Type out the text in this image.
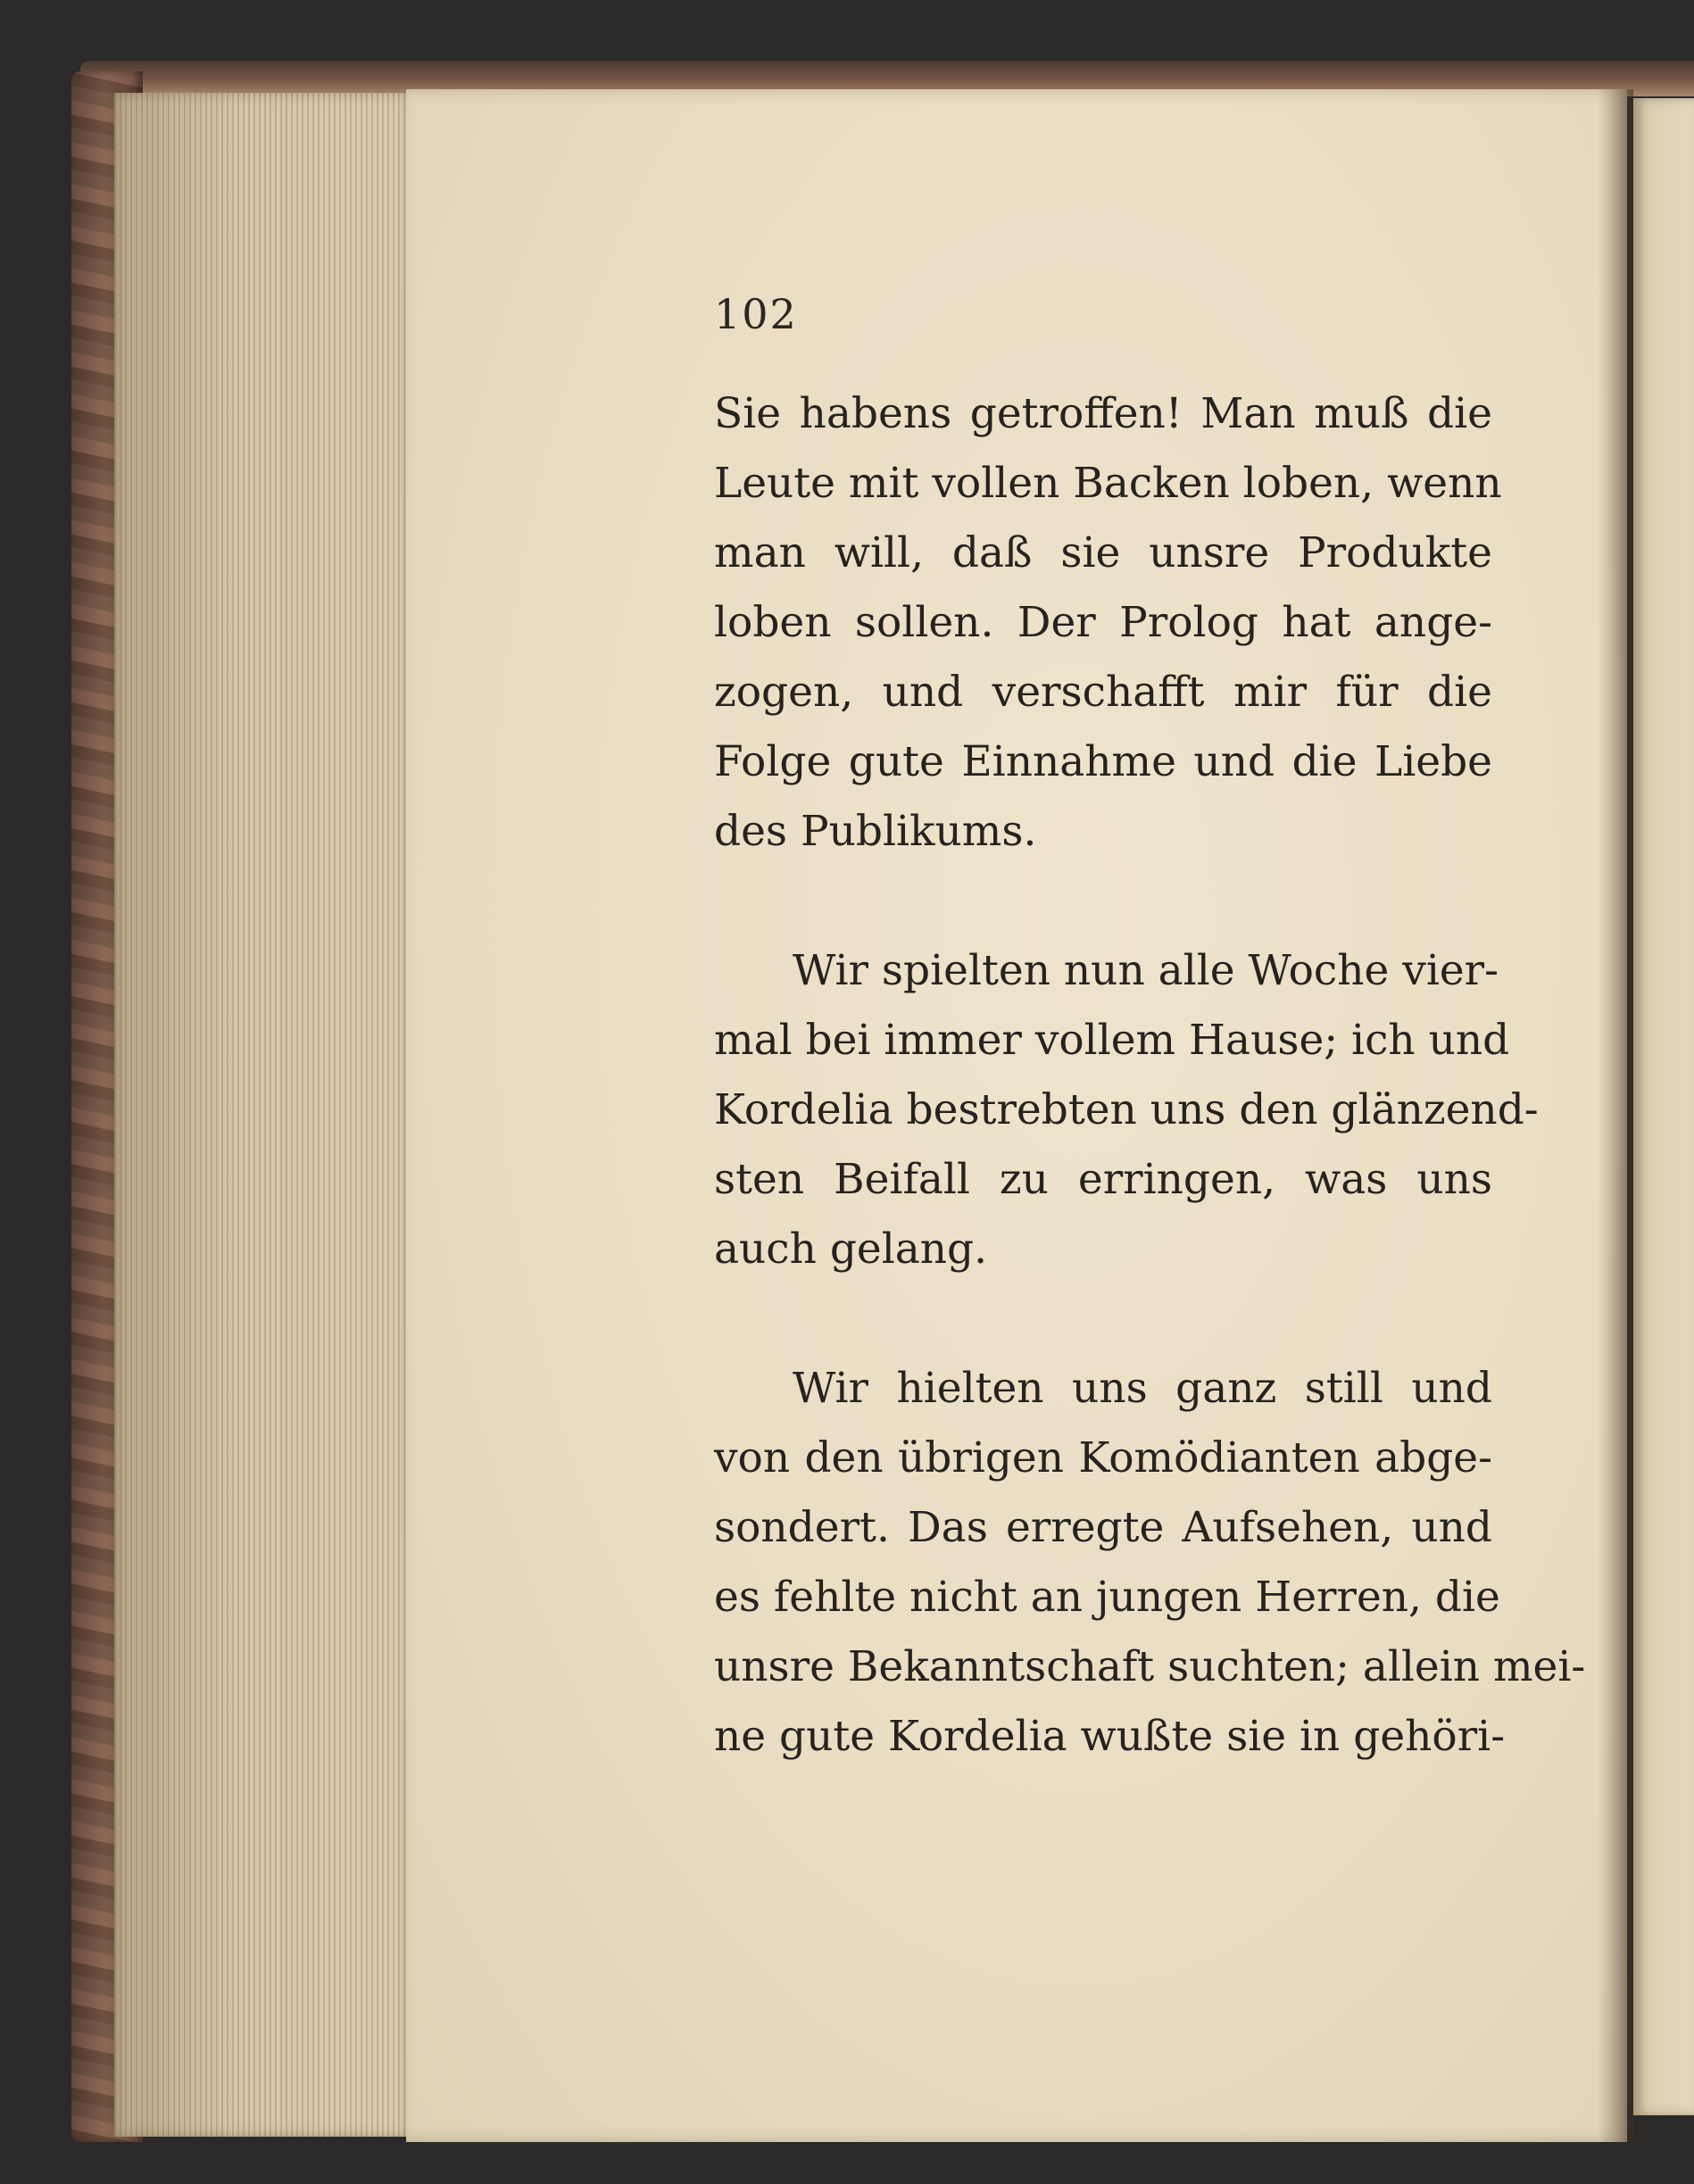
102
Sie habens getroffen! Man muß die
Leute mit vollen Backen loben, wenn
man will, daß sie unsre Produkte
loben sollen. Der Prolog hat ange-
zogen, und verschafft mir für die
Folge gute Einnahme und die Liebe
des Publikums.
Wir spielten nun alle Woche vier-
mal bei immer vollem Hause; ich und
Kordelia bestrebten uns den glänzend-
sten Beifall zu erringen, was uns
auch gelang.
Wir hielten uns ganz still und
von den übrigen Komödianten abge-
sondert. Das erregte Aufsehen, und
es fehlte nicht an jungen Herren, die
unsre Bekanntschaft suchten; allein mei-
ne gute Kordelia wußte sie in gehöri-
